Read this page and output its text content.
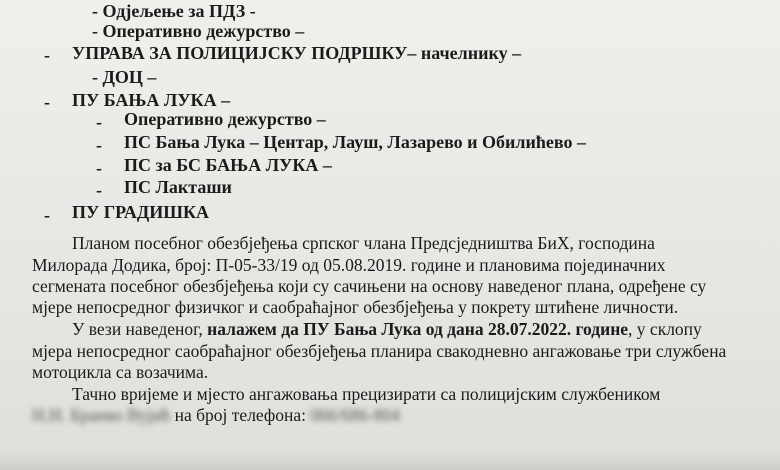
- Одјељење за ПДЗ -
- Оперативно дежурство –
- УПРАВА ЗА ПОЛИЦИЈСКУ ПОДРШКУ– начелнику –
- ДОЦ –
- ПУ БАЊА ЛУКА –
- Оперативно дежурство –
- ПС Бања Лука – Центар, Лауш, Лазарево и Обилићево –
- ПС за БС БАЊА ЛУКА –
- ПС Лакташи
- ПУ ГРАДИШКА
Планом посебног обезбјеђења српског члана Предсједништва БиХ, господина
Милорада Додика, број: П-05-33/19 од 05.08.2019. године и плановима појединачних
сегмената посебног обезбјеђења који су сачињени на основу наведеног плана, одређене су
мјере непосредног физичког и саобраћајног обезбјеђења у покрету штићене личности.
У вези наведеног, налажем да ПУ Бања Лука од дана 28.07.2022. године, у склопу
мјера непосредног саобраћајног обезбјеђења планира свакодневно ангажовање три службена
мотоцикла са возачима.
Тачно вријеме и мјесто ангажовања прецизирати са полицијским службеником
Н.Н. Бранко Вујић на број телефона: 066/686-804
